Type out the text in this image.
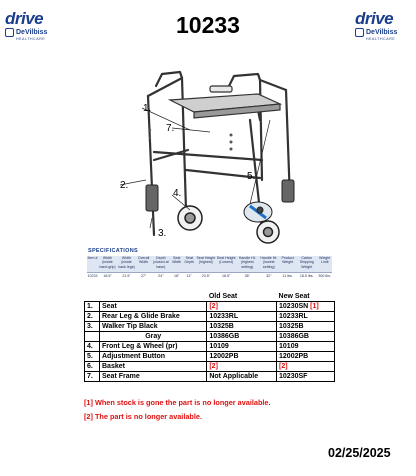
drive
DeVilbiss
HEALTHCARE
10233	drive
DeVilbiss
HEALTHCARE
1.
7.
2.
4.
5.
3.
SPECIFICATIONS
Item #	Width (inside hand grip)	Width (inside back legs)	Overall Width	Depth (closed at base)	Seat Width	Seat Depth	Seat Height (highest)	Seat Height (Lowest)	Handle Ht. (highest setting)	Handle Ht. (lowest setting)	Product Weight	Carton Shipping Weight	Weight Limit
10233	18.5"	21.5"	27"	24"	18"	11"	23.5"	18.5"	36"	32"	11 lbs.	18.5 lbs.	300 lbs.
		Old Seat	New Seat
1.	Seat	[2]	10230SN [1]
2.	Rear Leg & Glide Brake	10233RL	10233RL
3.	Walker Tip Black	10325B	10325B
	Gray	10386GB	10386GB
4.	Front Leg & Wheel (pr)	10109	10109
5.	Adjustment Button	12002PB	12002PB
6.	Basket	[2]	[2]
7.	Seat Frame	Not Applicable	10230SF
[1] When stock is gone the part is no longer available.
[2] The part is no longer available.
02/25/2025
